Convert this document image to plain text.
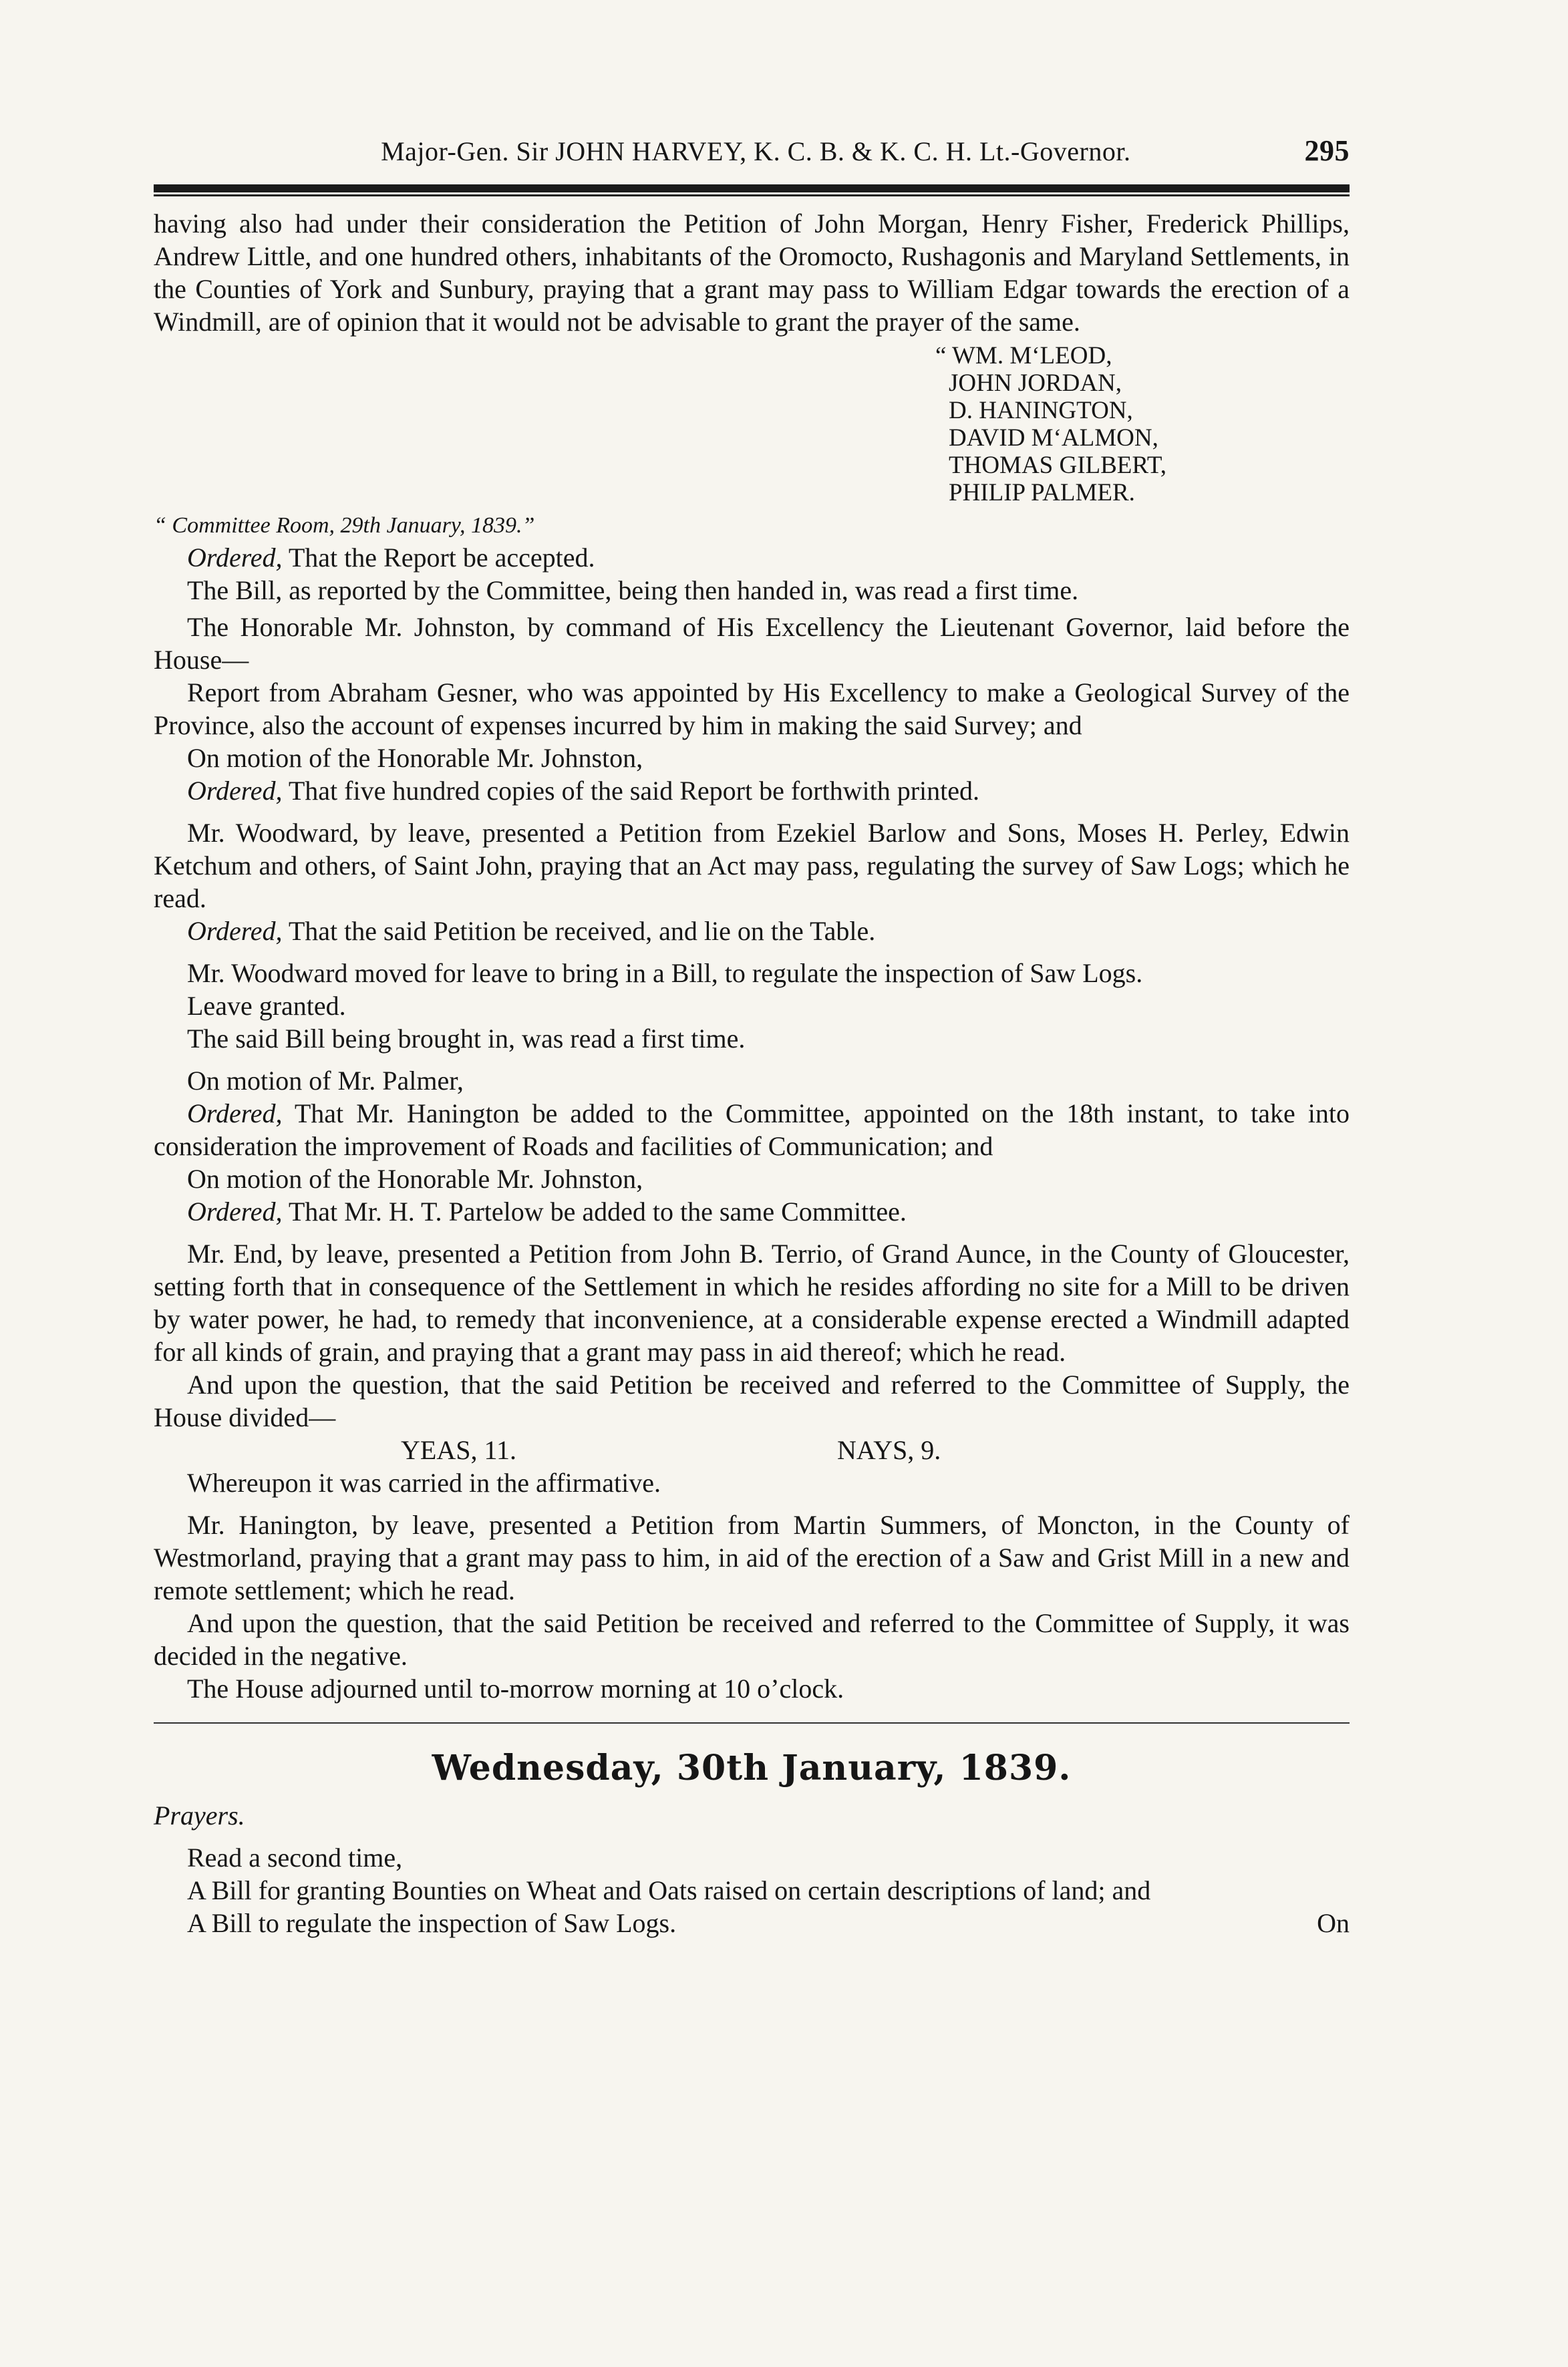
Major-Gen. Sir JOHN HARVEY, K. C. B. & K. C. H. Lt.-Governor.	295

having also had under their consideration the Petition of John Morgan, Henry Fisher, Frederick Phillips, Andrew Little, and one hundred others, inhabitants of the Oromocto, Rushagonis and Maryland Settlements, in the Counties of York and Sunbury, praying that a grant may pass to William Edgar towards the erection of a Windmill, are of opinion that it would not be advisable to grant the prayer of the same.

“ WM. M‘LEOD,
JOHN JORDAN,
D. HANINGTON,
DAVID M‘ALMON,
THOMAS GILBERT,
PHILIP PALMER.
“ Committee Room, 29th January, 1839.”

Ordered, That the Report be accepted.

The Bill, as reported by the Committee, being then handed in, was read a first time.

The Honorable Mr. Johnston, by command of His Excellency the Lieutenant Governor, laid before the House—

Report from Abraham Gesner, who was appointed by His Excellency to make a Geological Survey of the Province, also the account of expenses incurred by him in making the said Survey; and

On motion of the Honorable Mr. Johnston,

Ordered, That five hundred copies of the said Report be forthwith printed.

Mr. Woodward, by leave, presented a Petition from Ezekiel Barlow and Sons, Moses H. Perley, Edwin Ketchum and others, of Saint John, praying that an Act may pass, regulating the survey of Saw Logs; which he read.

Ordered, That the said Petition be received, and lie on the Table.

Mr. Woodward moved for leave to bring in a Bill, to regulate the inspection of Saw Logs.

Leave granted.

The said Bill being brought in, was read a first time.

On motion of Mr. Palmer,

Ordered, That Mr. Hanington be added to the Committee, appointed on the 18th instant, to take into consideration the improvement of Roads and facilities of Communication; and

On motion of the Honorable Mr. Johnston,

Ordered, That Mr. H. T. Partelow be added to the same Committee.

Mr. End, by leave, presented a Petition from John B. Terrio, of Grand Aunce, in the County of Gloucester, setting forth that in consequence of the Settlement in which he resides affording no site for a Mill to be driven by water power, he had, to remedy that inconvenience, at a considerable expense erected a Windmill adapted for all kinds of grain, and praying that a grant may pass in aid thereof; which he read.

And upon the question, that the said Petition be received and referred to the Committee of Supply, the House divided—

YEAS, 11.	NAYS, 9.

Whereupon it was carried in the affirmative.

Mr. Hanington, by leave, presented a Petition from Martin Summers, of Moncton, in the County of Westmorland, praying that a grant may pass to him, in aid of the erection of a Saw and Grist Mill in a new and remote settlement; which he read.

And upon the question, that the said Petition be received and referred to the Committee of Supply, it was decided in the negative.

The House adjourned until to-morrow morning at 10 o’clock.

Wednesday, 30th January, 1839.

Prayers.

Read a second time,

A Bill for granting Bounties on Wheat and Oats raised on certain descriptions of land; and

A Bill to regulate the inspection of Saw Logs.	On
